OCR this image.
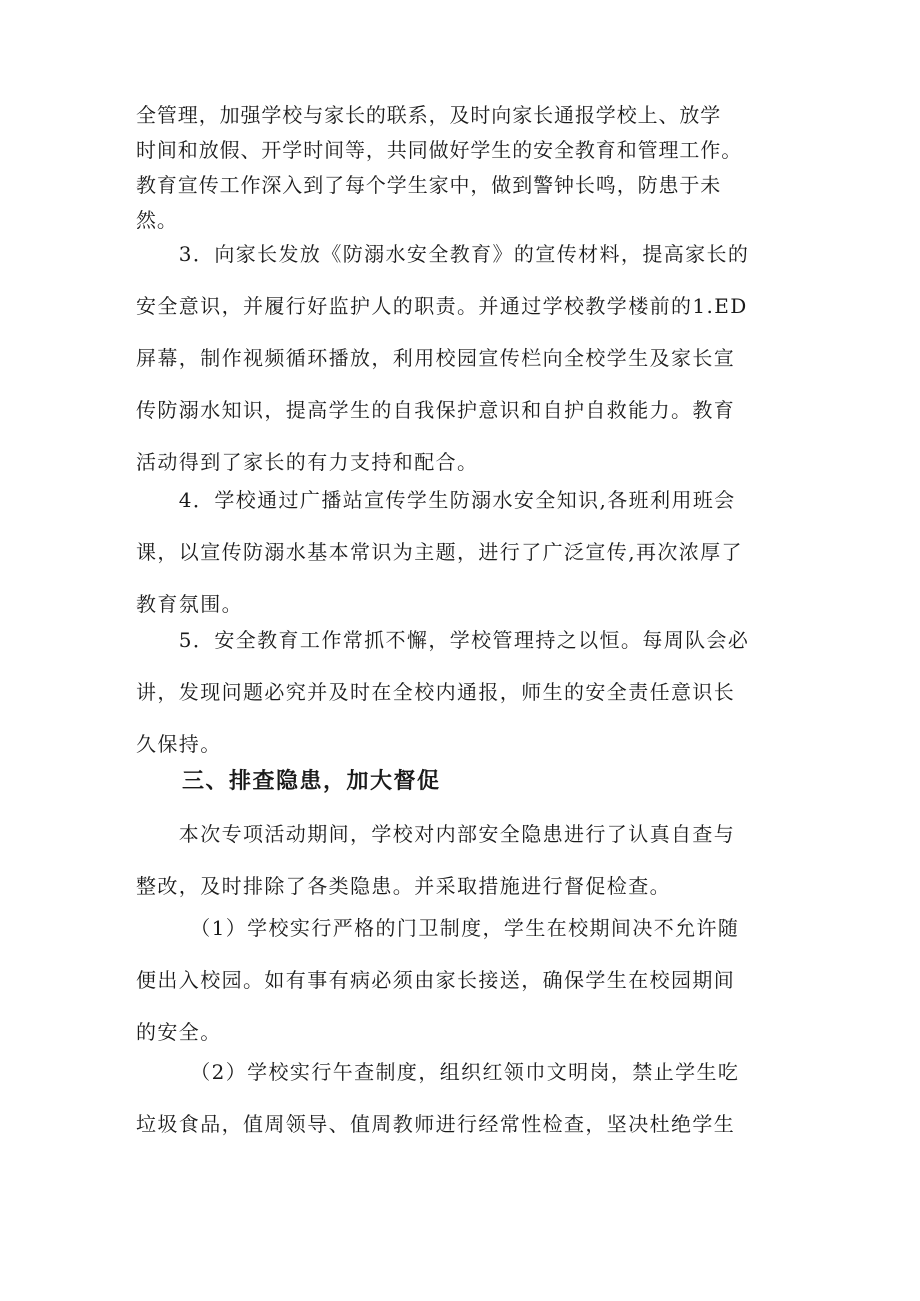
全管理，加强学校与家长的联系，及时向家长通报学校上、放学
时间和放假、开学时间等，共同做好学生的安全教育和管理工作。
教育宣传工作深入到了每个学生家中，做到警钟长鸣，防患于未
然。

　　3．向家长发放《防溺水安全教育》的宣传材料，提高家长的
安全意识，并履行好监护人的职责。并通过学校教学楼前的1.ED
屏幕，制作视频循环播放，利用校园宣传栏向全校学生及家长宣
传防溺水知识，提高学生的自我保护意识和自护自救能力。教育
活动得到了家长的有力支持和配合。

　　4．学校通过广播站宣传学生防溺水安全知识,各班利用班会
课，以宣传防溺水基本常识为主题，进行了广泛宣传,再次浓厚了
教育氛围。

　　5．安全教育工作常抓不懈，学校管理持之以恒。每周队会必
讲，发现问题必究并及时在全校内通报，师生的安全责任意识长
久保持。

三、排查隐患，加大督促

　　本次专项活动期间，学校对内部安全隐患进行了认真自查与
整改，及时排除了各类隐患。并采取措施进行督促检查。

　　　（1）学校实行严格的门卫制度，学生在校期间决不允许随
便出入校园。如有事有病必须由家长接送，确保学生在校园期间
的安全。

　　　（2）学校实行午查制度，组织红领巾文明岗，禁止学生吃
垃圾食品，值周领导、值周教师进行经常性检查，坚决杜绝学生
